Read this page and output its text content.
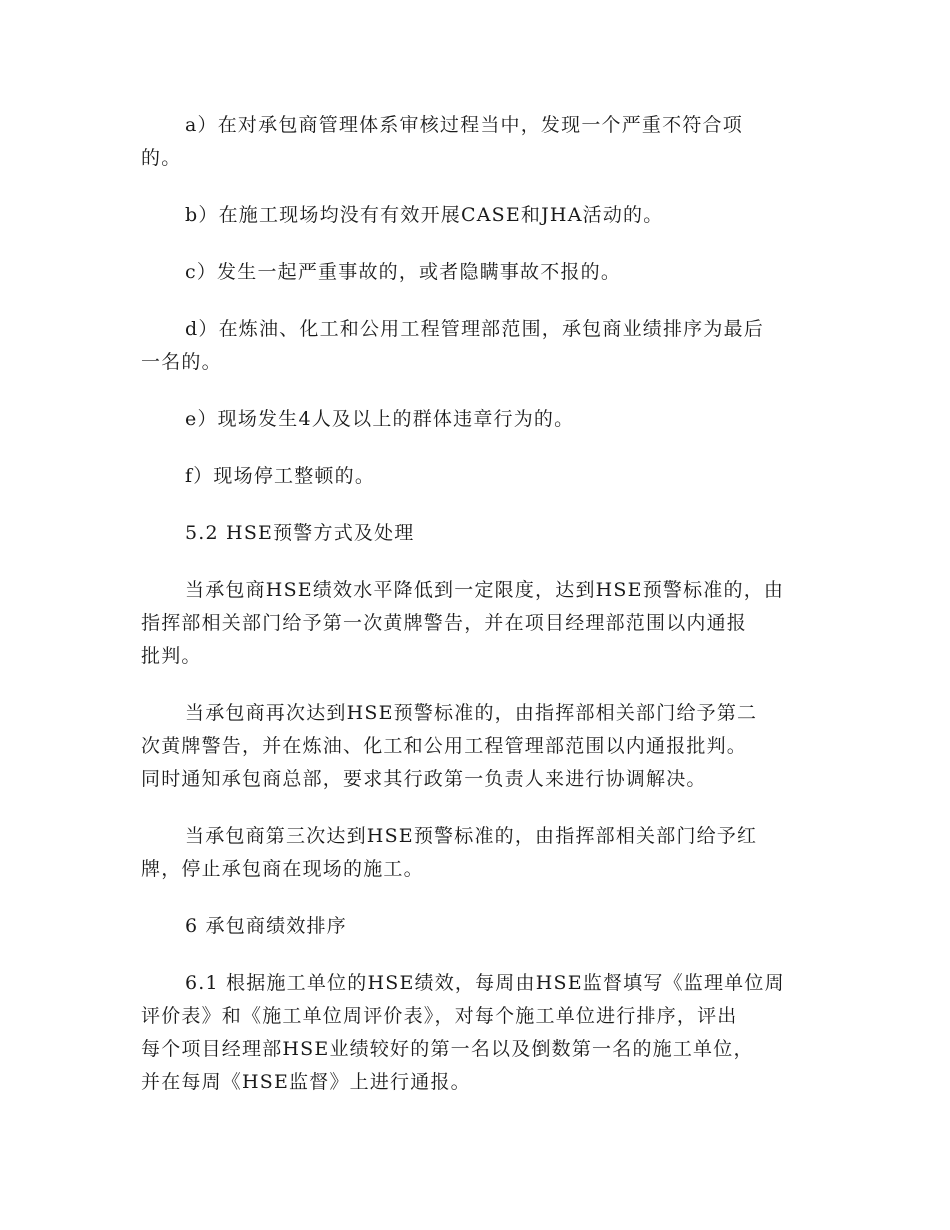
a）在对承包商管理体系审核过程当中，发现一个严重不符合项
的。
b）在施工现场均没有有效开展CASE和JHA活动的。
c）发生一起严重事故的，或者隐瞒事故不报的。
d）在炼油、化工和公用工程管理部范围，承包商业绩排序为最后
一名的。
e）现场发生4人及以上的群体违章行为的。
f）现场停工整顿的。
5.2 HSE预警方式及处理
当承包商HSE绩效水平降低到一定限度，达到HSE预警标准的，由
指挥部相关部门给予第一次黄牌警告，并在项目经理部范围以内通报
批判。
当承包商再次达到HSE预警标准的，由指挥部相关部门给予第二
次黄牌警告，并在炼油、化工和公用工程管理部范围以内通报批判。
同时通知承包商总部，要求其行政第一负责人来进行协调解决。
当承包商第三次达到HSE预警标准的，由指挥部相关部门给予红
牌，停止承包商在现场的施工。
6 承包商绩效排序
6.1 根据施工单位的HSE绩效，每周由HSE监督填写《监理单位周
评价表》和《施工单位周评价表》，对每个施工单位进行排序，评出
每个项目经理部HSE业绩较好的第一名以及倒数第一名的施工单位，
并在每周《HSE监督》上进行通报。
